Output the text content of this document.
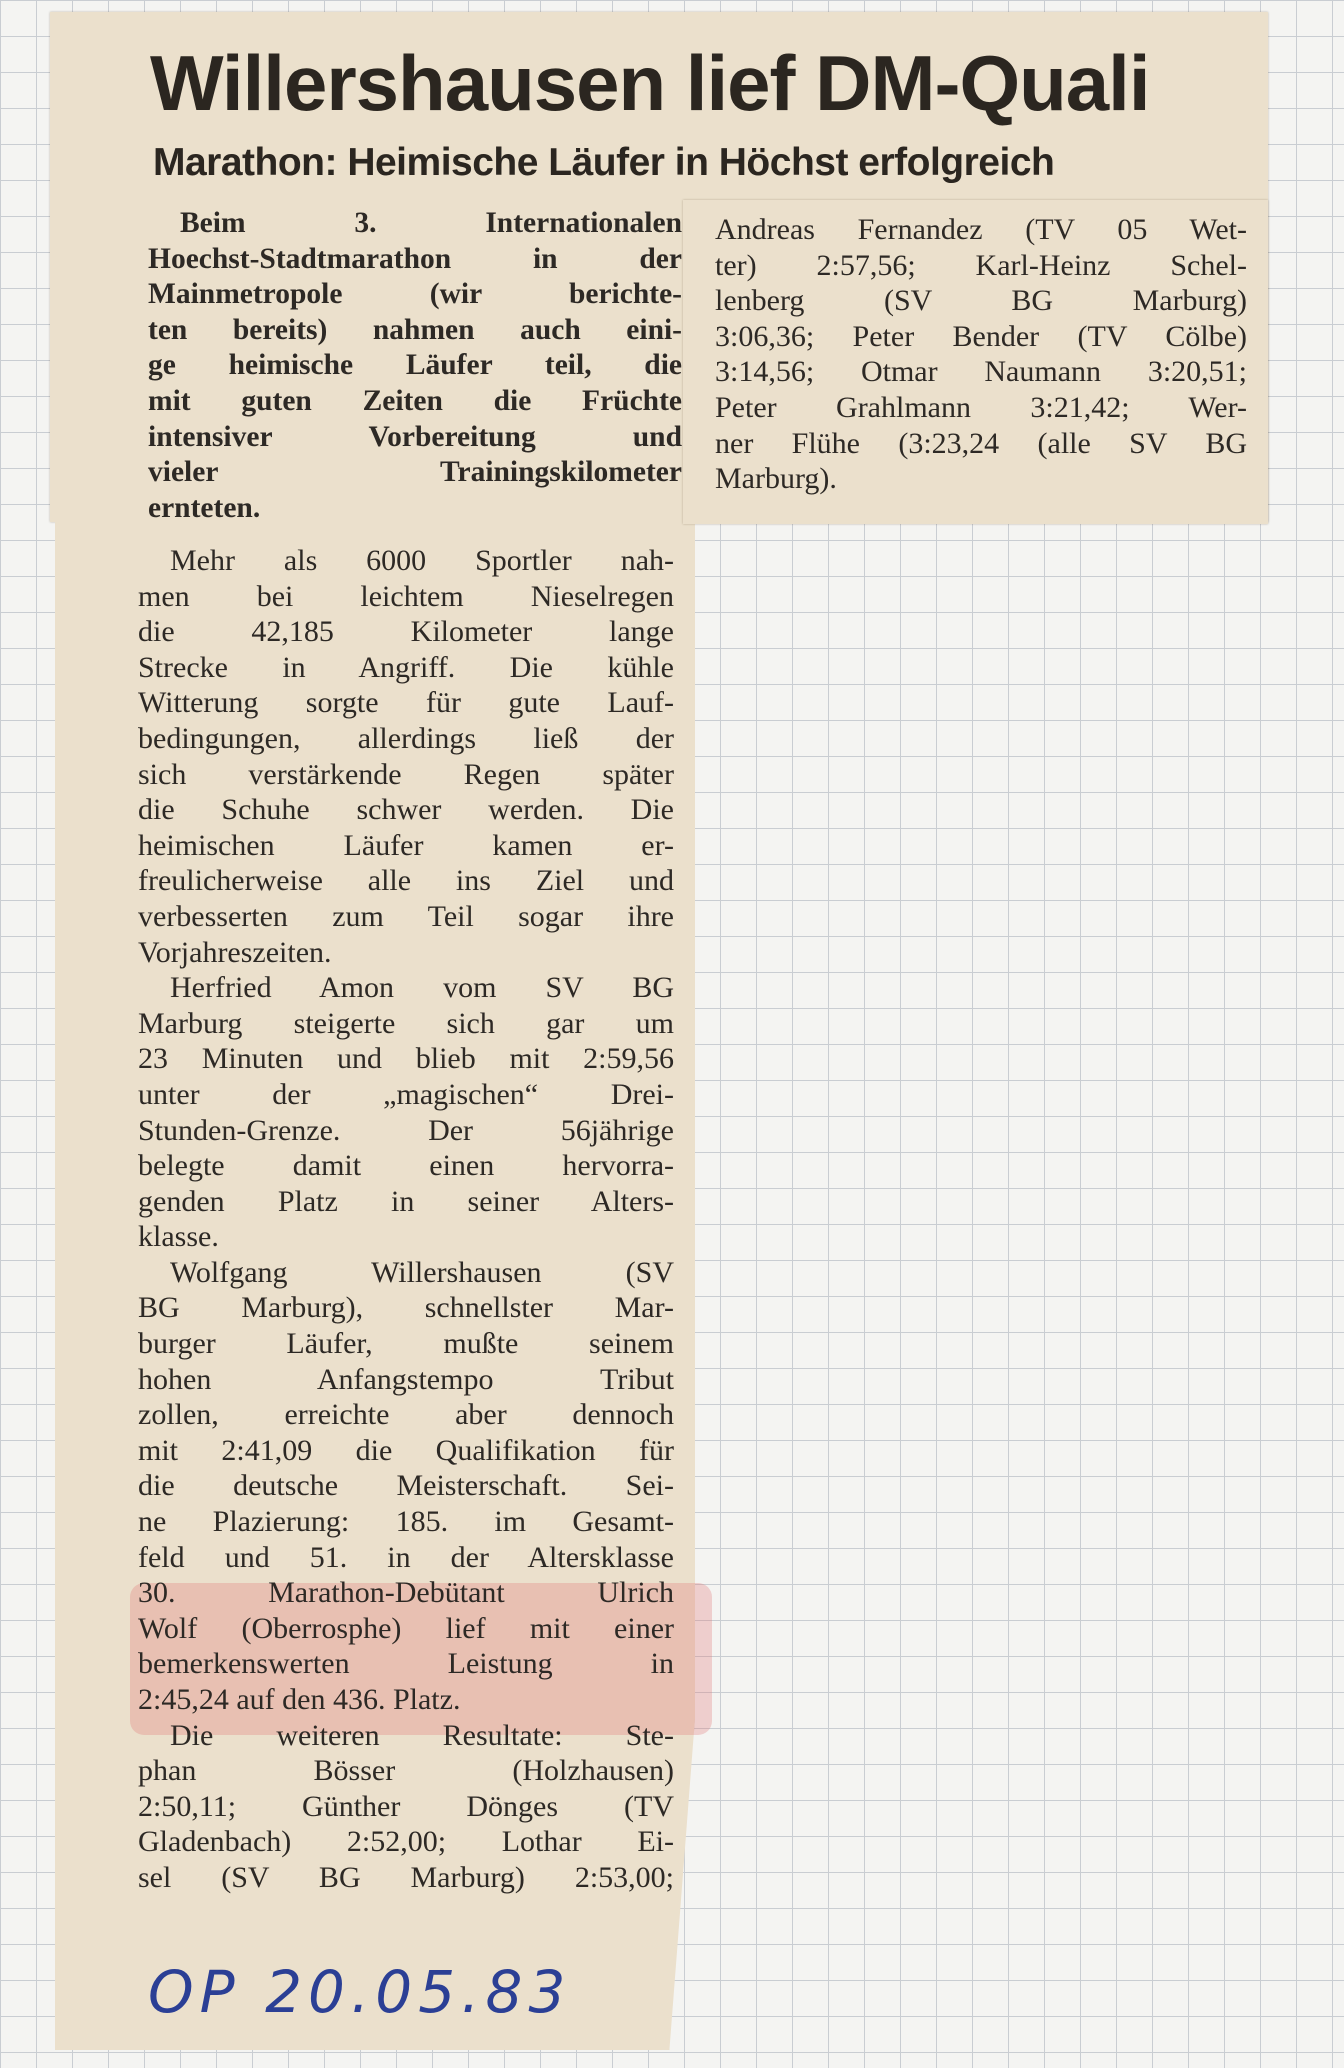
Willershausen lief DM-Quali
Marathon: Heimische Läufer in Höchst erfolgreich

Beim 3. Internationalen

Hoechst-Stadtmarathon in der

Mainmetropole (wir berichte-

ten bereits) nahmen auch eini-

ge heimische Läufer teil, die

mit guten Zeiten die Früchte

intensiver Vorbereitung und

vieler Trainingskilometer

ernteten.

Mehr als 6000 Sportler nah-

men bei leichtem Nieselregen

die 42,185 Kilometer lange

Strecke in Angriff. Die kühle

Witterung sorgte für gute Lauf-

bedingungen, allerdings ließ der

sich verstärkende Regen später

die Schuhe schwer werden. Die

heimischen Läufer kamen er-

freulicherweise alle ins Ziel und

verbesserten zum Teil sogar ihre

Vorjahreszeiten.

Herfried Amon vom SV BG

Marburg steigerte sich gar um

23 Minuten und blieb mit 2:59,56

unter der „magischen“ Drei-

Stunden-Grenze. Der 56jährige

belegte damit einen hervorra-

genden Platz in seiner Alters-

klasse.

Wolfgang Willershausen (SV

BG Marburg), schnellster Mar-

burger Läufer, mußte seinem

hohen Anfangstempo Tribut

zollen, erreichte aber dennoch

mit 2:41,09 die Qualifikation für

die deutsche Meisterschaft. Sei-

ne Plazierung: 185. im Gesamt-

feld und 51. in der Altersklasse

30. Marathon-Debütant Ulrich

Wolf (Oberrosphe) lief mit einer

bemerkenswerten Leistung in

2:45,24 auf den 436. Platz.

Die weiteren Resultate: Ste-

phan Bösser (Holzhausen)

2:50,11; Günther Dönges (TV

Gladenbach) 2:52,00; Lothar Ei-

sel (SV BG Marburg) 2:53,00;

Andreas Fernandez (TV 05 Wet-

ter) 2:57,56; Karl-Heinz Schel-

lenberg (SV BG Marburg)

3:06,36; Peter Bender (TV Cölbe)

3:14,56; Otmar Naumann 3:20,51;

Peter Grahlmann 3:21,42; Wer-

ner Flühe (3:23,24 (alle SV BG

Marburg).

OP 20.05.83
